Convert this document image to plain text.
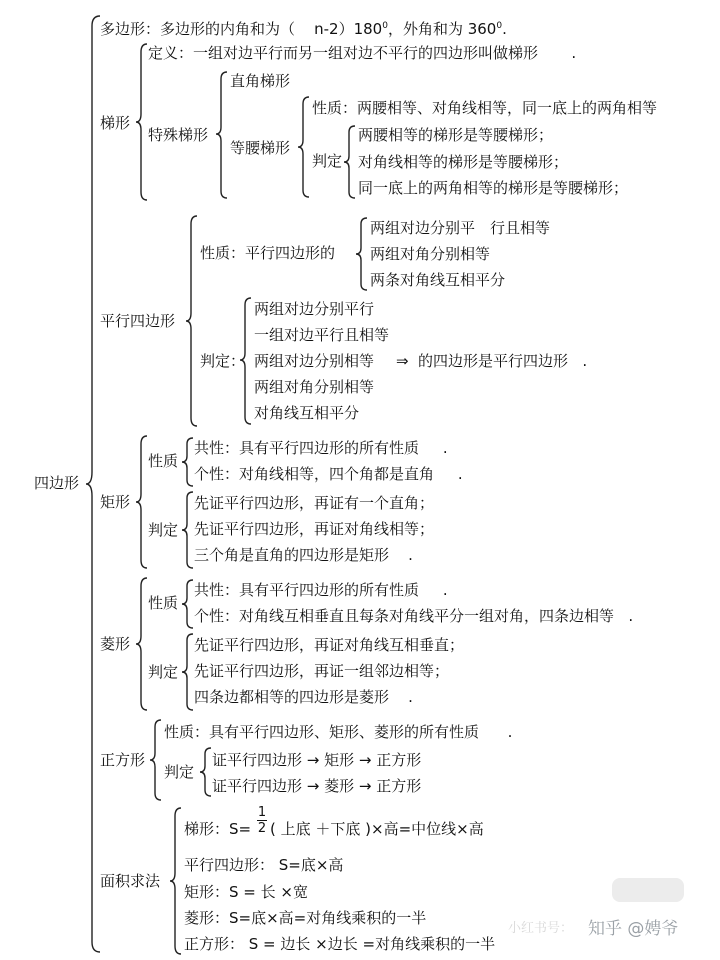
四边形
多边形：多边形的内角和为（ $n-2)180^0$，外角和为 $360^0$.
梯形
定义：一组对边平行而另一组对边不平行的四边形叫做梯形 .
特殊梯形
直角梯形
等腰梯形
性质：两腰相等、对角线相等，同一底上的两角相等
判定
两腰相等的梯形是等腰梯形；
对角线相等的梯形是等腰梯形；
同一底上的两角相等的梯形是等腰梯形；
平行四边形
性质：平行四边形的
两组对边分别平　行且相等
两组对角分别相等
两条对角线互相平分
判定：
两组对边分别平行
一组对边平行且相等
两组对边分别相等
两组对角分别相等
对角线互相平分
⇒ 的四边形是平行四边形 .
矩形
性质
共性：具有平行四边形的所有性质 .
个性：对角线相等，四个角都是直角 .
判定
先证平行四边形，再证有一个直角；
先证平行四边形，再证对角线相等；
三个角是直角的四边形是矩形 .
菱形
性质
共性：具有平行四边形的所有性质 .
个性：对角线互相垂直且每条对角线平分一组对角，四条边相等 .
判定
先证平行四边形，再证对角线互相垂直；
先证平行四边形，再证一组邻边相等；
四条边都相等的四边形是菱形 .
正方形
性质：具有平行四边形、矩形、菱形的所有性质 .
判定
证平行四边形 → 矩形 → 正方形
证平行四边形 → 菱形 → 正方形
面积求法
梯形：S=
1
2 ( 上底 ＋下底 )×高=中位线×高
平行四边形： S=底×高
矩形：S = 长 ×宽
菱形：S=底×高=对角线乘积的一半
正方形： S = 边长 ×边长 =对角线乘积的一半
小红书号： 知乎 @娉爷
